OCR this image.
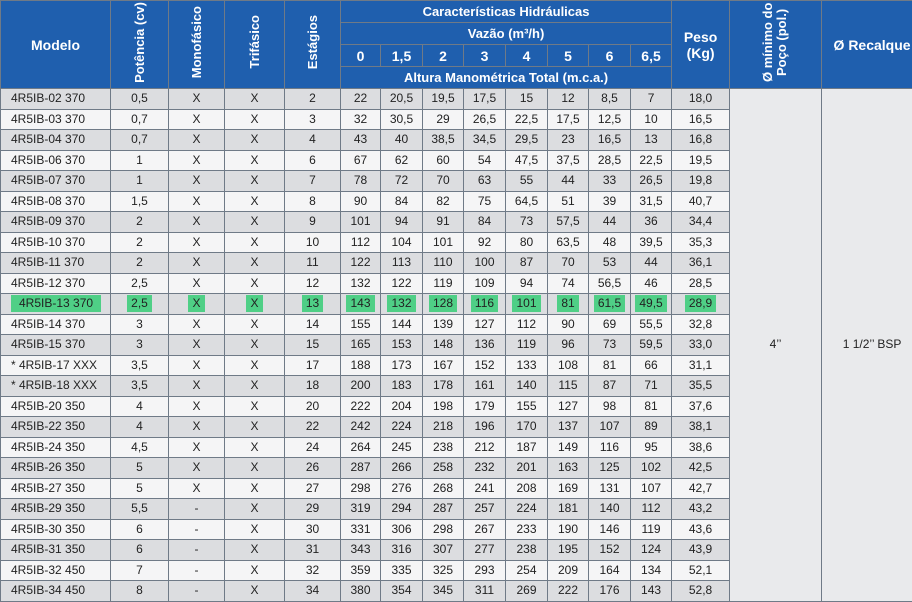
Modelo	Potência (cv)	Monofásico	Trifásico	Estágios	Características Hidráulicas								Peso (Kg)	Ø mínimo do Poço (pol.)	Ø Recalque
					Vazão (m³/h)										
					0	1,5	2	3	4	5	6	6,5			
					Altura Manométrica Total (m.c.a.)										
4R5IB-02 370	0,5	X	X	2	22	20,5	19,5	17,5	15	12	8,5	7	18,0	4’’	1 1/2’’ BSP
4R5IB-03 370	0,7	X	X	3	32	30,5	29	26,5	22,5	17,5	12,5	10	16,5		
4R5IB-04 370	0,7	X	X	4	43	40	38,5	34,5	29,5	23	16,5	13	16,8		
4R5IB-06 370	1	X	X	6	67	62	60	54	47,5	37,5	28,5	22,5	19,5		
4R5IB-07 370	1	X	X	7	78	72	70	63	55	44	33	26,5	19,8		
4R5IB-08 370	1,5	X	X	8	90	84	82	75	64,5	51	39	31,5	40,7		
4R5IB-09 370	2	X	X	9	101	94	91	84	73	57,5	44	36	34,4		
4R5IB-10 370	2	X	X	10	112	104	101	92	80	63,5	48	39,5	35,3		
4R5IB-11 370	2	X	X	11	122	113	110	100	87	70	53	44	36,1		
4R5IB-12 370	2,5	X	X	12	132	122	119	109	94	74	56,5	46	28,5		
4R5IB-13 370	2,5	X	X	13	143	132	128	116	101	81	61,5	49,5	28,9		
4R5IB-14 370	3	X	X	14	155	144	139	127	112	90	69	55,5	32,8		
4R5IB-15 370	3	X	X	15	165	153	148	136	119	96	73	59,5	33,0		
* 4R5IB-17 XXX	3,5	X	X	17	188	173	167	152	133	108	81	66	31,1		
* 4R5IB-18 XXX	3,5	X	X	18	200	183	178	161	140	115	87	71	35,5		
4R5IB-20 350	4	X	X	20	222	204	198	179	155	127	98	81	37,6		
4R5IB-22 350	4	X	X	22	242	224	218	196	170	137	107	89	38,1		
4R5IB-24 350	4,5	X	X	24	264	245	238	212	187	149	116	95	38,6		
4R5IB-26 350	5	X	X	26	287	266	258	232	201	163	125	102	42,5		
4R5IB-27 350	5	X	X	27	298	276	268	241	208	169	131	107	42,7		
4R5IB-29 350	5,5	-	X	29	319	294	287	257	224	181	140	112	43,2		
4R5IB-30 350	6	-	X	30	331	306	298	267	233	190	146	119	43,6		
4R5IB-31 350	6	-	X	31	343	316	307	277	238	195	152	124	43,9		
4R5IB-32 450	7	-	X	32	359	335	325	293	254	209	164	134	52,1		
4R5IB-34 450	8	-	X	34	380	354	345	311	269	222	176	143	52,8		
